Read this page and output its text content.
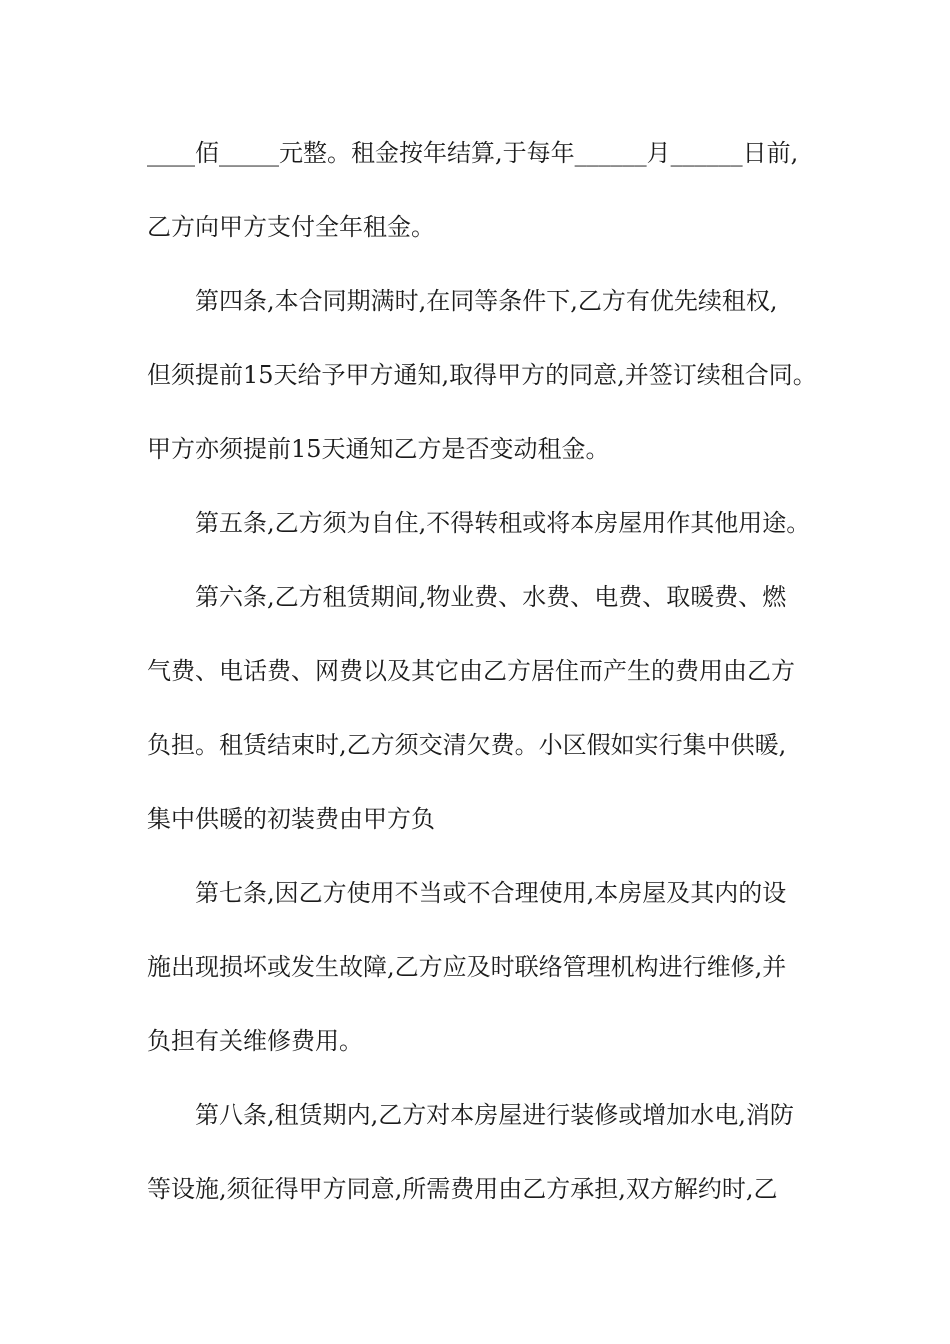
____佰_____元整。租金按年结算,于每年______月______日前,
乙方向甲方支付全年租金。
第四条,本合同期满时,在同等条件下,乙方有优先续租权,
但须提前15天给予甲方通知,取得甲方的同意,并签订续租合同。
甲方亦须提前15天通知乙方是否变动租金。
第五条,乙方须为自住,不得转租或将本房屋用作其他用途。
第六条,乙方租赁期间,物业费、水费、电费、取暖费、燃
气费、电话费、网费以及其它由乙方居住而产生的费用由乙方
负担。租赁结束时,乙方须交清欠费。小区假如实行集中供暖,
集中供暖的初装费由甲方负
第七条,因乙方使用不当或不合理使用,本房屋及其内的设
施出现损坏或发生故障,乙方应及时联络管理机构进行维修,并
负担有关维修费用。
第八条,租赁期内,乙方对本房屋进行装修或增加水电,消防
等设施,须征得甲方同意,所需费用由乙方承担,双方解约时,乙
